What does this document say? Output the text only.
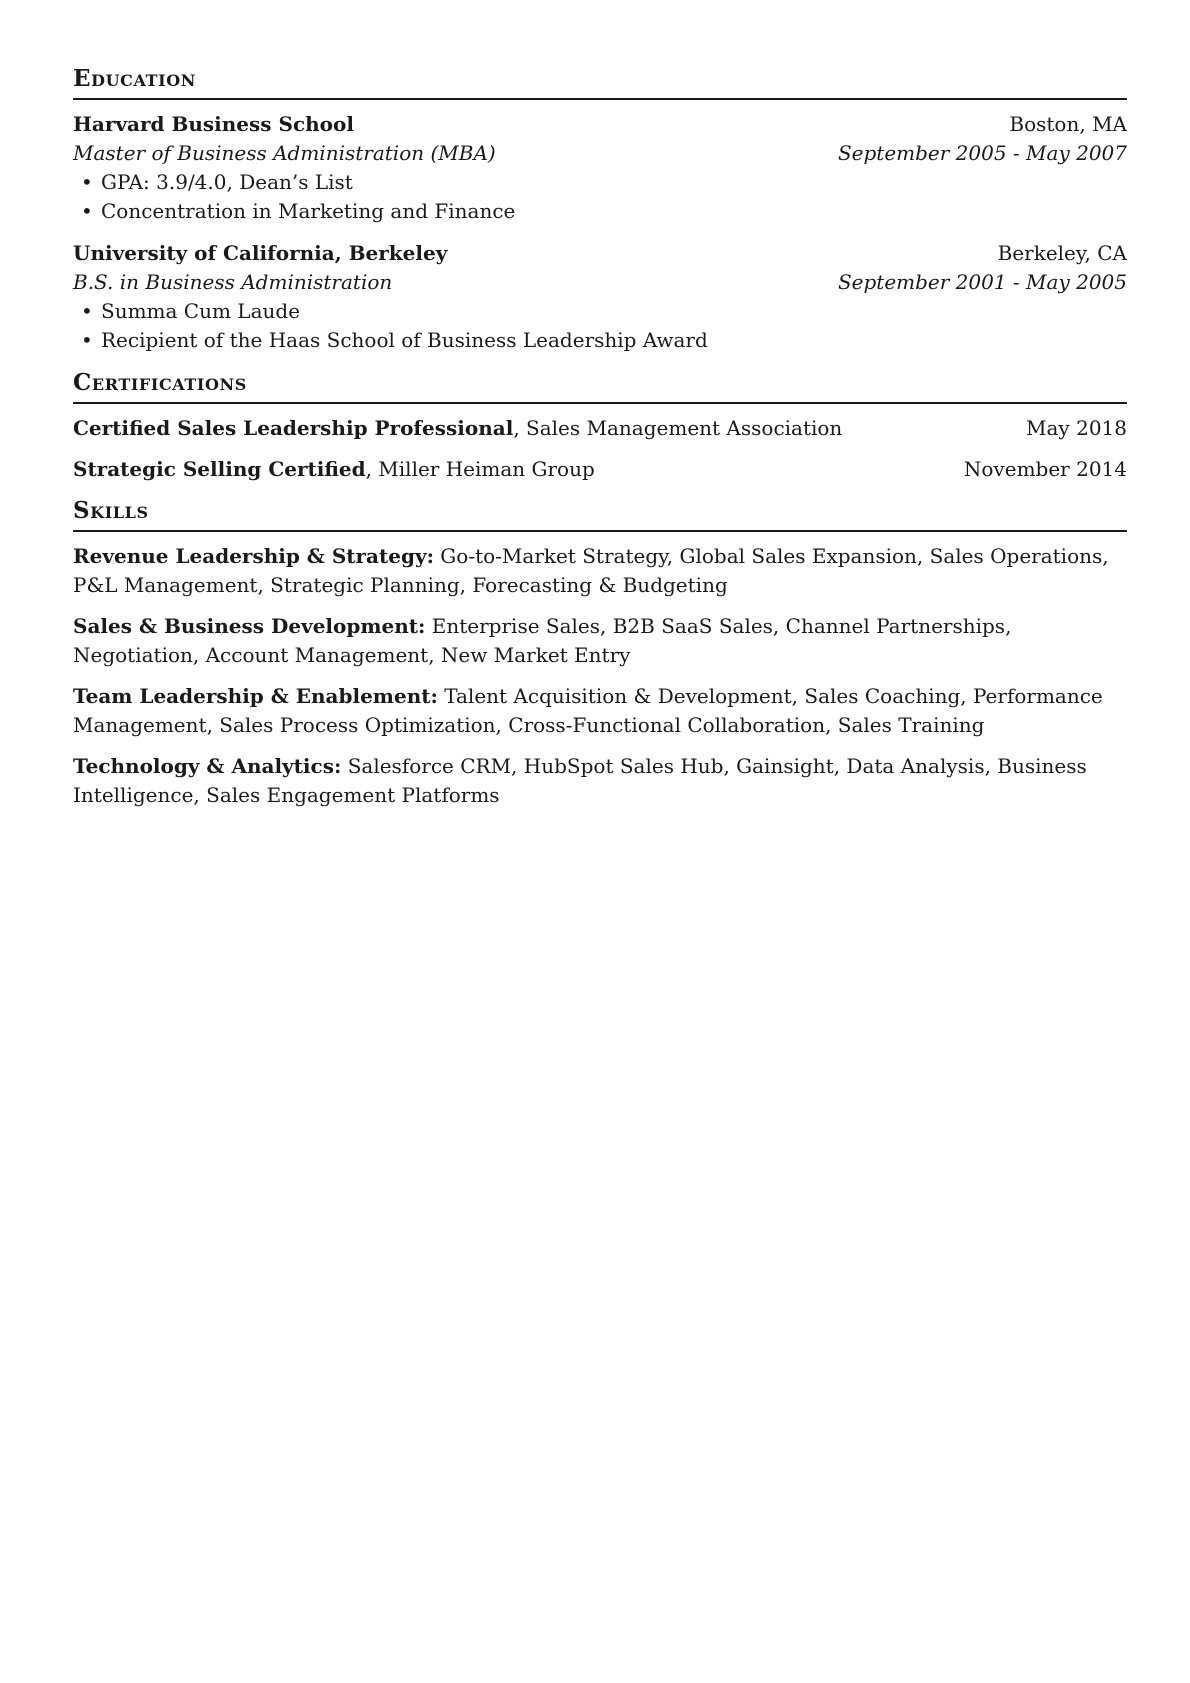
Education
Harvard Business School	Boston, MA
Master of Business Administration (MBA)	September 2005 - May 2007
• GPA: 3.9/4.0, Dean’s List
• Concentration in Marketing and Finance
University of California, Berkeley	Berkeley, CA
B.S. in Business Administration	September 2001 - May 2005
• Summa Cum Laude
• Recipient of the Haas School of Business Leadership Award
Certifications
Certified Sales Leadership Professional, Sales Management Association	May 2018
Strategic Selling Certified, Miller Heiman Group	November 2014
Skills

Revenue Leadership & Strategy: Go-to-Market Strategy, Global Sales Expansion, Sales Operations, P&L Management, Strategic Planning, Forecasting & Budgeting

Sales & Business Development: Enterprise Sales, B2B SaaS Sales, Channel Partnerships, Negotiation, Account Management, New Market Entry

Team Leadership & Enablement: Talent Acquisition & Development, Sales Coaching, Performance Management, Sales Process Optimization, Cross-Functional Collaboration, Sales Training

Technology & Analytics: Salesforce CRM, HubSpot Sales Hub, Gainsight, Data Analysis, Business Intelligence, Sales Engagement Platforms
